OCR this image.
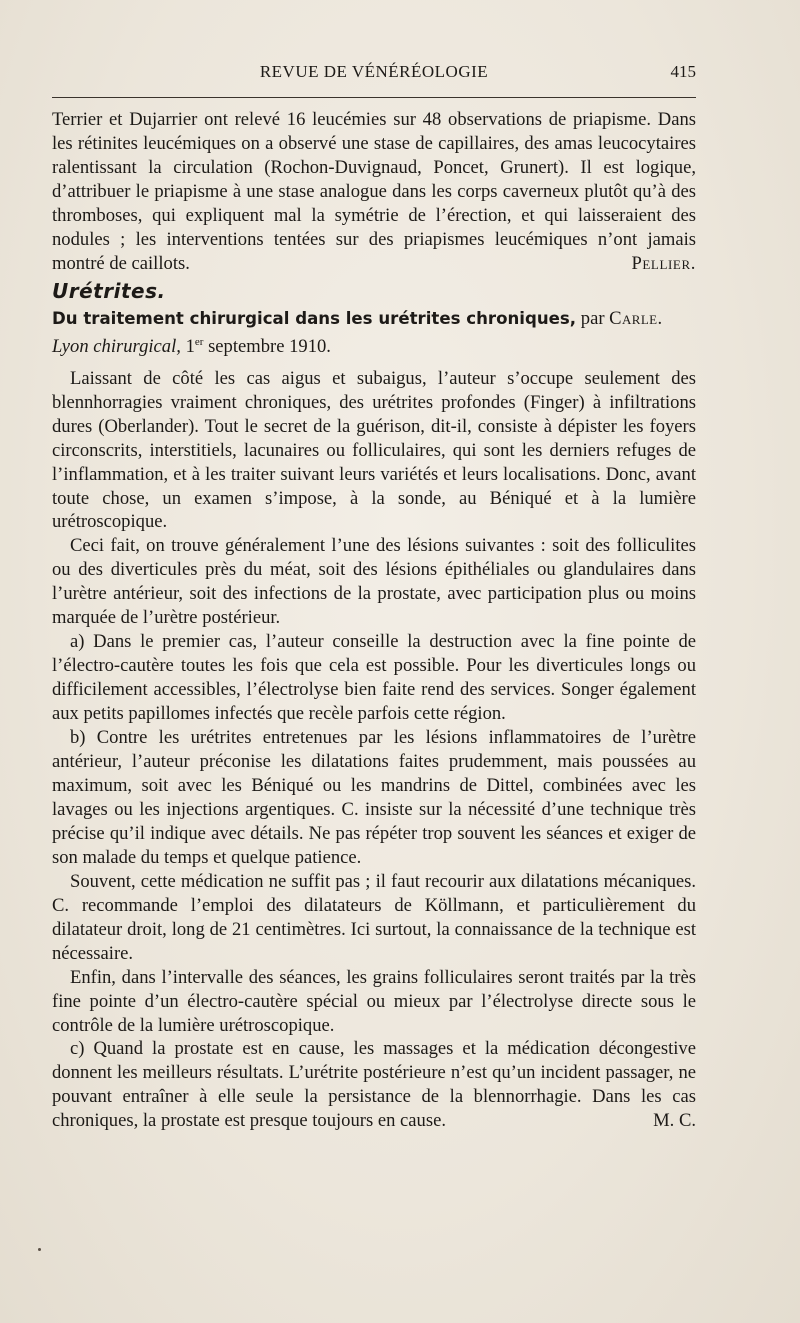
REVUE DE VÉNÉRÉOLOGIE	415

Terrier et Dujarrier ont relevé 16 leucémies sur 48 observations de priapisme. Dans les rétinites leucémiques on a observé une stase de capillaires, des amas leucocytaires ralentissant la circulation (Rochon-Duvignaud, Poncet, Grunert). Il est logique, d’attribuer le priapisme à une stase analogue dans les corps caverneux plutôt qu’à des thromboses, qui expliquent mal la symétrie de l’érection, et qui laisseraient des nodules ; les interventions tentées sur des priapismes leucémiques n’ont jamais montré de caillots.	Pellier.

Urétrites.

Du traitement chirurgical dans les urétrites chroniques, par Carle.

Lyon chirurgical, 1er septembre 1910.

Laissant de côté les cas aigus et subaigus, l’auteur s’occupe seulement des blennhorragies vraiment chroniques, des urétrites profondes (Finger) à infiltrations dures (Oberlander). Tout le secret de la guérison, dit-il, consiste à dépister les foyers circonscrits, interstitiels, lacunaires ou folliculaires, qui sont les derniers refuges de l’inflammation, et à les traiter suivant leurs variétés et leurs localisations. Donc, avant toute chose, un examen s’impose, à la sonde, au Béniqué et à la lumière urétroscopique.

Ceci fait, on trouve généralement l’une des lésions suivantes : soit des folliculites ou des diverticules près du méat, soit des lésions épithéliales ou glandulaires dans l’urètre antérieur, soit des infections de la prostate, avec participation plus ou moins marquée de l’urètre postérieur.

a) Dans le premier cas, l’auteur conseille la destruction avec la fine pointe de l’électro-cautère toutes les fois que cela est possible. Pour les diverticules longs ou difficilement accessibles, l’électrolyse bien faite rend des services. Songer également aux petits papillomes infectés que recèle parfois cette région.

b) Contre les urétrites entretenues par les lésions inflammatoires de l’urètre antérieur, l’auteur préconise les dilatations faites prudemment, mais poussées au maximum, soit avec les Béniqué ou les mandrins de Dittel, combinées avec les lavages ou les injections argentiques. C. insiste sur la nécessité d’une technique très précise qu’il indique avec détails. Ne pas répéter trop souvent les séances et exiger de son malade du temps et quelque patience.

Souvent, cette médication ne suffit pas ; il faut recourir aux dilatations mécaniques. C. recommande l’emploi des dilatateurs de Köllmann, et particulièrement du dilatateur droit, long de 21 centimètres. Ici surtout, la connaissance de la technique est nécessaire.

Enfin, dans l’intervalle des séances, les grains folliculaires seront traités par la très fine pointe d’un électro-cautère spécial ou mieux par l’électrolyse directe sous le contrôle de la lumière urétroscopique.

c) Quand la prostate est en cause, les massages et la médication décongestive donnent les meilleurs résultats. L’urétrite postérieure n’est qu’un incident passager, ne pouvant entraîner à elle seule la persistance de la blennorrhagie. Dans les cas chroniques, la prostate est presque toujours en cause.	M. C.
